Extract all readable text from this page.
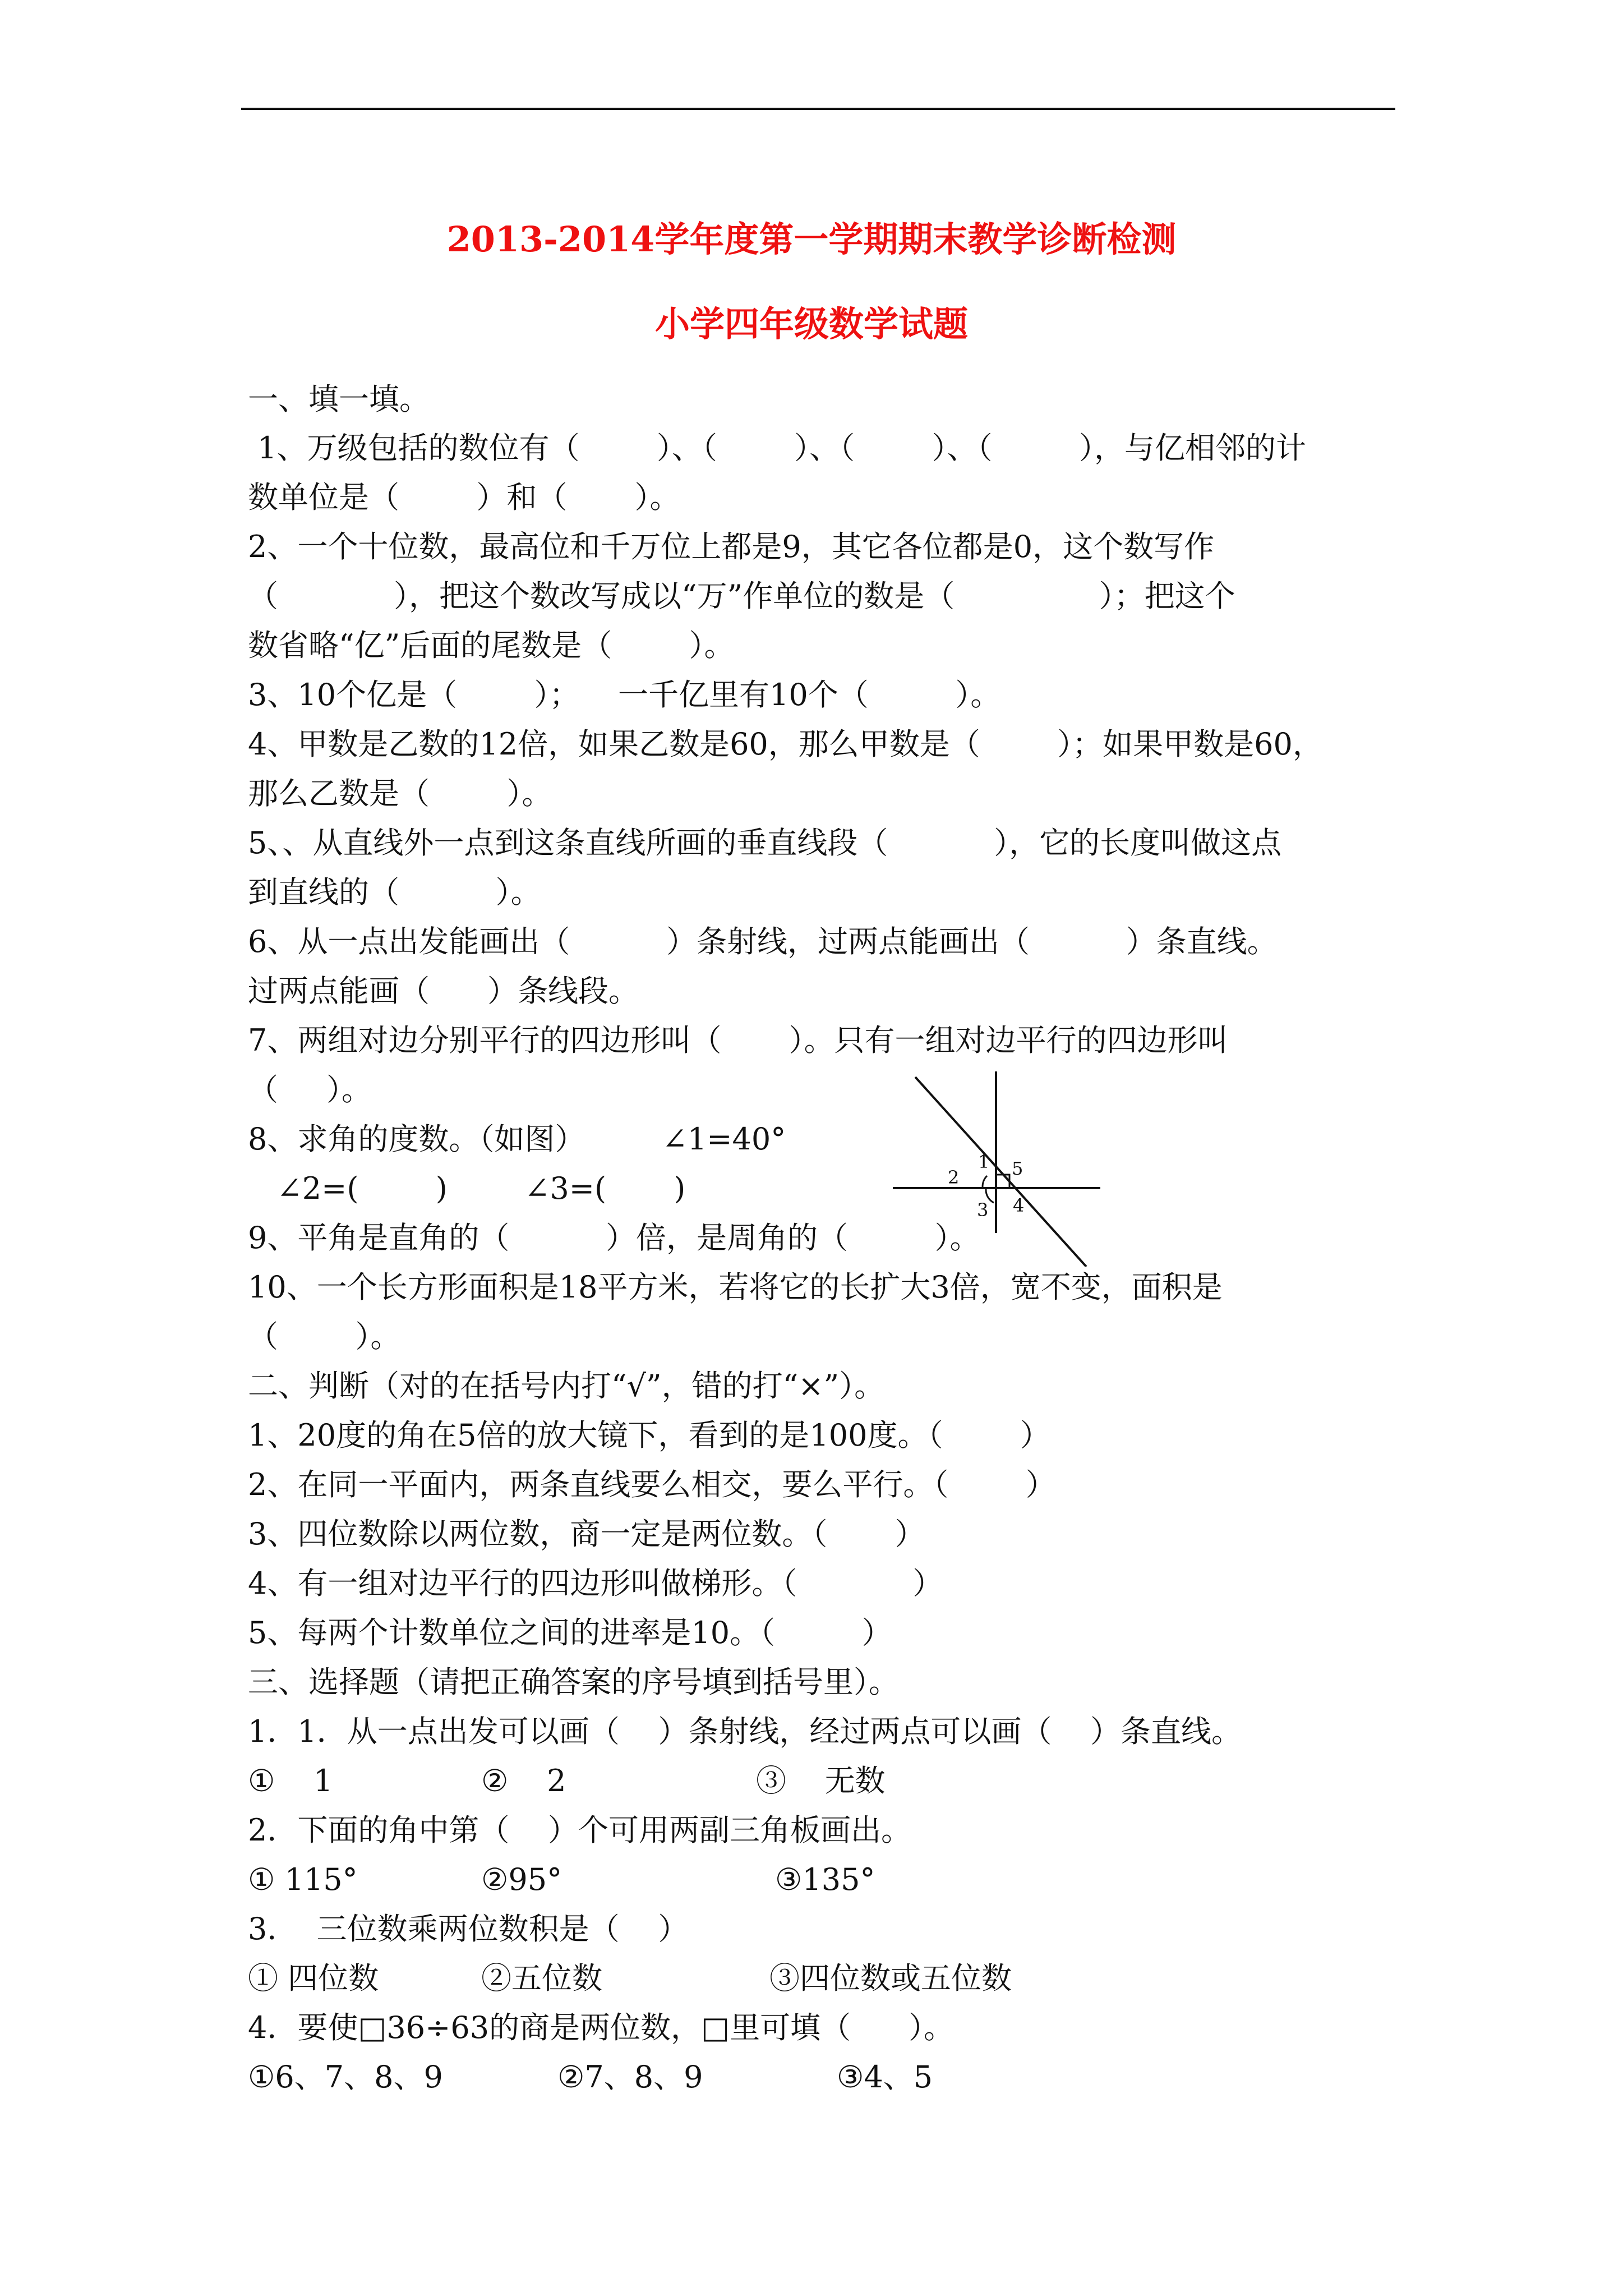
2013-2014学年度第一学期期末教学诊断检测
小学四年级数学试题
一、填一填。
1、万级包括的数位有（        ）、（        ）、（        ）、（         ），与亿相邻的计
数单位是（        ）和（       ）。
2、一个十位数，最高位和千万位上都是9，其它各位都是0，这个数写作
（            ），把这个数改写成以“万”作单位的数是（               ）；把这个
数省略“亿”后面的尾数是（        ）。
3、10个亿是（        ）；    一千亿里有10个（         ）。
4、甲数是乙数的12倍，如果乙数是60，那么甲数是（        ）；如果甲数是60，
那么乙数是（        ）。
5、、从直线外一点到这条直线所画的垂直线段（           ），它的长度叫做这点
到直线的（          ）。
6、从一点出发能画出（          ）条射线，过两点能画出（          ）条直线。
过两点能画（      ）条线段。
7、两组对边分别平行的四边形叫（       ）。只有一组对边平行的四边形叫
（     ）。
8、求角的度数。（如图）        ∠1=40°
∠2=(        )        ∠3=(       )
9、平角是直角的（          ）倍，是周角的（         ）。
10、一个长方形面积是18平方米，若将它的长扩大3倍，宽不变，面积是
（        ）。
1
2
3 4
5
二、判断（对的在括号内打“√”，错的打“×”）。
1、20度的角在5倍的放大镜下，看到的是100度。（        ）
2、在同一平面内，两条直线要么相交，要么平行。（        ）
3、四位数除以两位数，商一定是两位数。（       ）
4、有一组对边平行的四边形叫做梯形。（            ）
5、每两个计数单位之间的进率是10。（         ）
三、选择题（请把正确答案的序号填到括号里）。
1．1．从一点出发可以画（    ）条射线，经过两点可以画（    ）条直线。
①    1	②    2	③    无数
2．下面的角中第（    ）个可用两副三角板画出。
① 115°	②95°	③135°
3．  三位数乘两位数积是（    ）
① 四位数	②五位数	③四位数或五位数
4．要使□36÷63的商是两位数，□里可填（      ）。
①6、7、8、9	②7、8、9	③4、5
